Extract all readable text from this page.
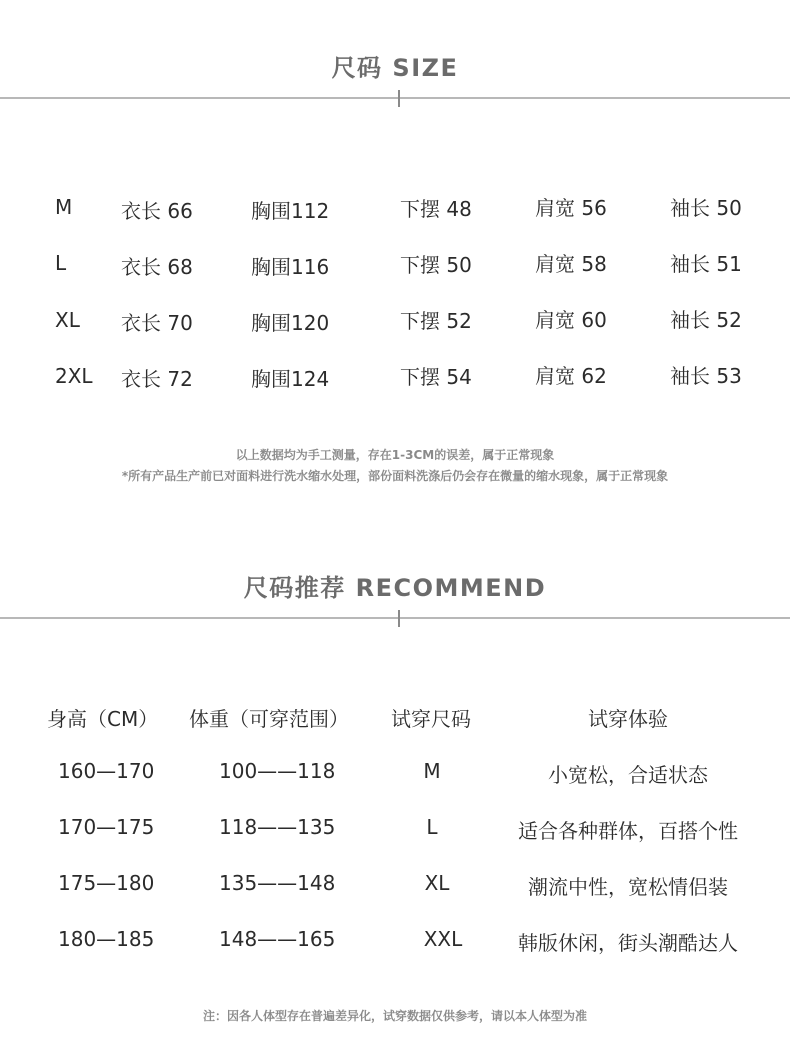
尺码 SIZE
M 衣长 66	胸围112	下摆 48	肩宽 56	袖长 50
L	衣长 68	胸围116	下摆 50	肩宽 58	袖长 51
XL 衣长 70	胸围120	下摆 52	肩宽 60	袖长 52
2XL 衣长 72	胸围124	下摆 54	肩宽 62	袖长 53
以上数据均为手工测量，存在1-3CM的误差，属于正常现象
*所有产品生产前已对面料进行洗水缩水处理，部份面料洗涤后仍会存在微量的缩水现象，属于正常现象
尺码推荐 RECOMMEND
身高（CM） 体重（可穿范围） 试穿尺码	试穿体验
160—170	100——118	M	小宽松，合适状态
170—175	118——135	L	适合各种群体，百搭个性
175—180	135——148	XL	潮流中性，宽松情侣装
180—185	148——165	XXL	韩版休闲，街头潮酷达人
注：因各人体型存在普遍差异化，试穿数据仅供参考，请以本人体型为准
